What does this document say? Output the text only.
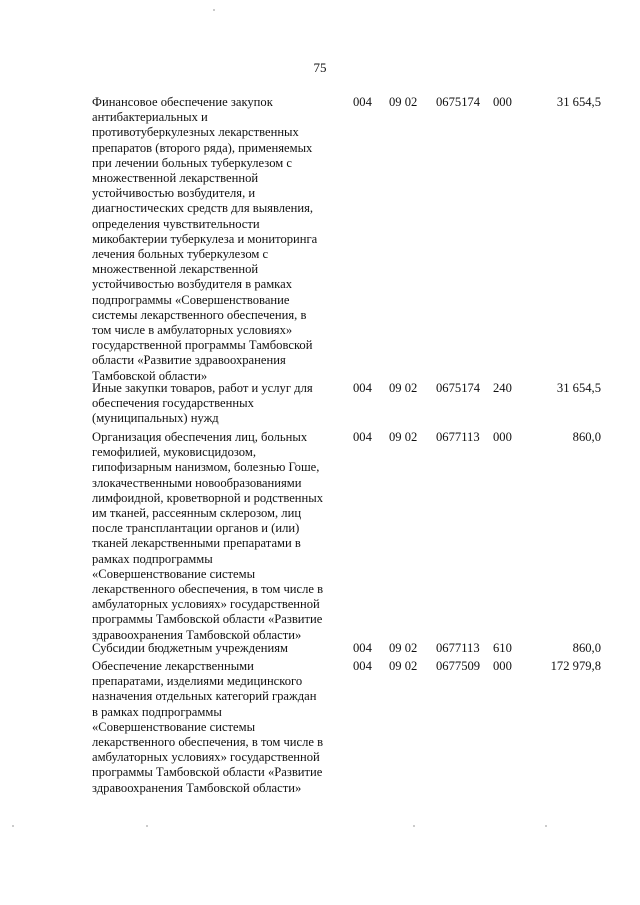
75
Финансовое обеспечение закупок
антибактериальных и
противотуберкулезных лекарственных
препаратов (второго ряда), применяемых
при лечении больных туберкулезом с
множественной лекарственной
устойчивостью возбудителя, и
диагностических средств для выявления,
определения чувствительности
микобактерии туберкулеза и мониторинга
лечения больных туберкулезом с
множественной лекарственной
устойчивостью возбудителя в рамках
подпрограммы «Совершенствование
системы лекарственного обеспечения, в
том числе в амбулаторных условиях»
государственной программы Тамбовской
области «Развитие здравоохранения
Тамбовской области»
004 09 02 0675174 000	31 654,5
Иные закупки товаров, работ и услуг для
обеспечения государственных
(муниципальных) нужд
004 09 02 0675174 240	31 654,5
Организация обеспечения лиц, больных
гемофилией, муковисцидозом,
гипофизарным нанизмом, болезнью Гоше,
злокачественными новообразованиями
лимфоидной, кроветворной и родственных
им тканей, рассеянным склерозом, лиц
после трансплантации органов и (или)
тканей лекарственными препаратами в
рамках подпрограммы
«Совершенствование системы
лекарственного обеспечения, в том числе в
амбулаторных условиях» государственной
программы Тамбовской области «Развитие
здравоохранения Тамбовской области»
004 09 02 0677113 000	860,0
Субсидии бюджетным учреждениям	004 09 02 0677113 610	860,0
Обеспечение лекарственными
препаратами, изделиями медицинского
назначения отдельных категорий граждан
в рамках подпрограммы
«Совершенствование системы
лекарственного обеспечения, в том числе в
амбулаторных условиях» государственной
программы Тамбовской области «Развитие
здравоохранения Тамбовской области»
004 09 02 0677509 000	172 979,8
